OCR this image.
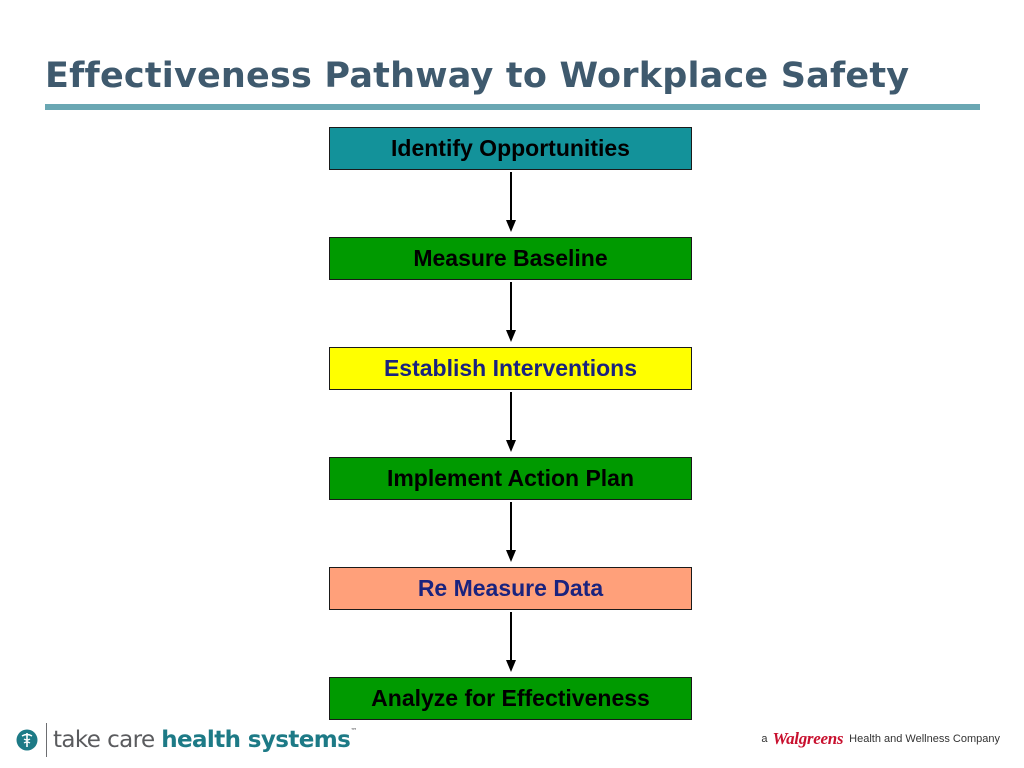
Effectiveness Pathway to Workplace Safety
Identify Opportunities
Measure Baseline
Establish Interventions
Implement Action Plan
Re Measure Data
Analyze for Effectiveness
take care health systems™
a Walgreens Health and Wellness Company
